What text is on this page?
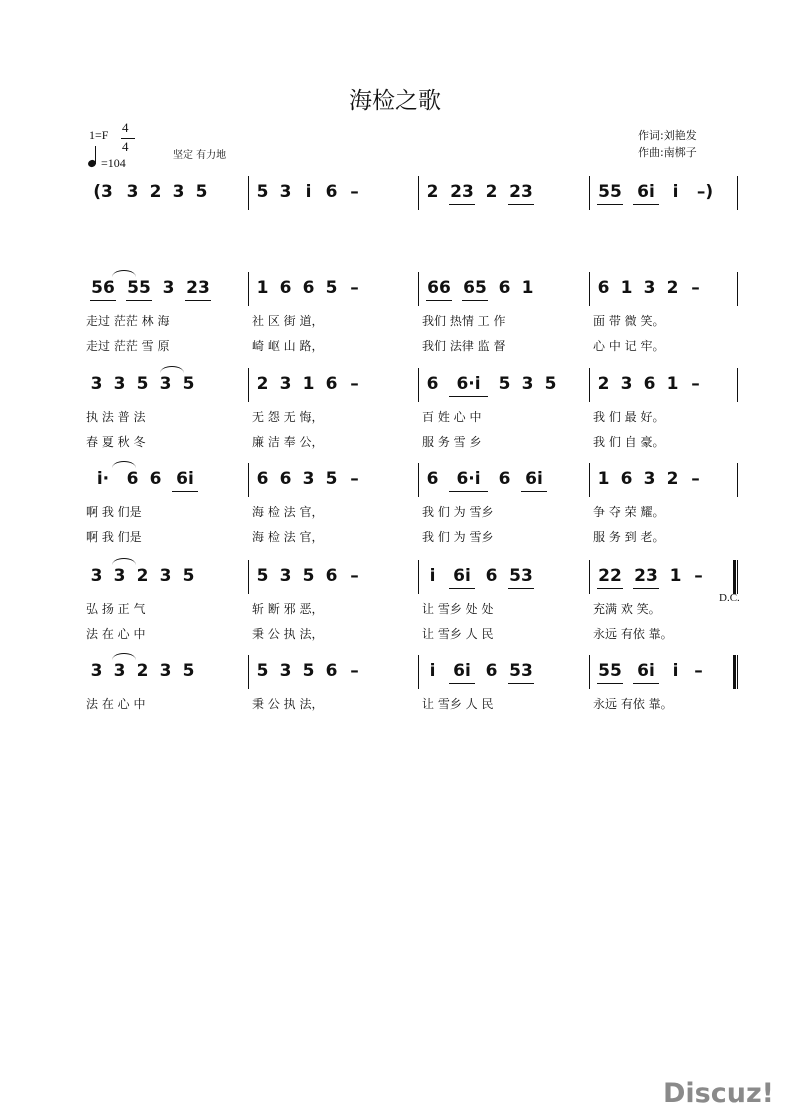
海检之歌
1=F 4
4
=104
坚定 有力地
作词:刘艳发
作曲:南梆子
(3 3 2 3 5	5 3 i 6 –	2 23 2 23	55 6i	i	–)
56 55 3 23
走过 茫茫 林 海
走过 茫茫 雪 原
1 6 6 5 –
社 区 街 道，
崎 岖 山 路，
66 65 6 1
我们 热情 工 作
我们 法律 监 督
6 1 3 2 –
面 带 微 笑。
心 中 记 牢。
3 3 5 3 5
执 法 普 法
春 夏 秋 冬
2 3 1 6 –
无 怨 无 悔，
廉 洁 奉 公，
6	6·i	5 3 5
百 姓 心 中
服 务 雪 乡
2 3 6 1 –
我 们 最 好。
我 们 自 豪。
i·	6 6 6i
啊 我 们是
啊 我 们是
6 6 3 5 –
海 检 法 官，
海 检 法 官，
6	6·i	6 6i
我 们 为 雪乡
我 们 为 雪乡
1 6 3 2 –
争 夺 荣 耀。
服 务 到 老。
3 3 2 3 5
弘 扬 正 气
法 在 心 中
5 3 5 6 –
斩 断 邪 恶，
秉 公 执 法，
i	6i 6 53
让 雪乡 处 处
让 雪乡 人 民
22 23 1 –
充满 欢 笑。
永远 有依 靠。
3 3 2 3 5
法 在 心 中
5 3 5 6 –
秉 公 执 法，
i	6i 6 53
让 雪乡 人 民
55 6i	i –
永远 有依 靠。
D.C.
Discuz!
